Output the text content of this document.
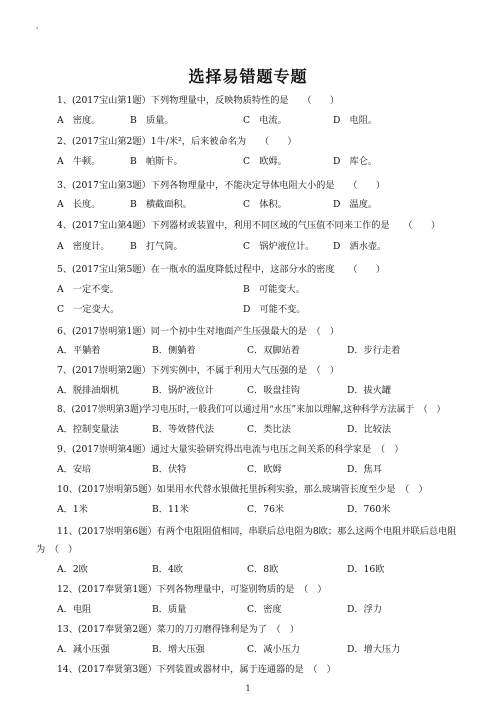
'
选择易错题专题
1、(2017宝山第1题）下列物理量中，反映物质特性的是　　（　　）
A　密度。	B　质量。	C　电流。	D　电阻。
2、(2017宝山第2题）1牛/米²，后来被命名为　　（　　）
A　牛顿。	B　帕斯卡。	C　欧姆。	D　库仑。
3、(2017宝山第3题）下列各物理量中，不能决定导体电阻大小的是　　（　　）
A　长度。	B　横截面积。	C　体积。	D　温度。
4、(2017宝山第4题）下列器材或装置中，利用不同区域的气压值不同来工作的是　　（　　）
A　密度计。 B　打气筒。	C　锅炉液位计。 D　洒水壶。
5、(2017宝山第5题）在一瓶水的温度降低过程中，这部分水的密度　　（　　）
A　一定不变。	B　可能变大。
C　一定变大。	D　可能不变。
6、(2017崇明第1题）同一个初中生对地面产生压强最大的是　（　）
A．平躺着	B．侧躺着	C．双脚站着	D．步行走着
7、(2017崇明第2题）下列实例中，不属于利用大气压强的是　（　）
A．脱排油烟机	B．锅炉液位计	C．吸盘挂钩	D．拔火罐
8、(2017崇明第3题)学习电压时,一般我们可以通过用“水压”来加以理解,这种科学方法属于　（　）
A．控制变量法	B．等效替代法	C．类比法	D．比较法
9、(2017崇明第4题）通过大量实验研究得出电流与电压之间关系的科学家是　（　）
A．安培	B．伏特	C．欧姆	D．焦耳
10、(2017崇明第5题）如果用水代替水银做托里拆利实验，那么玻璃管长度至少是　（　）
A．1米	B．11米	C．76米	D．760米
11、(2017崇明第6题）有两个电阻阻值相同，串联后总电阻为8欧；那么这两个电阻并联后总电阻
为　（　）
A．2欧	B．4欧	C．8欧	D．16欧
12、(2017奉贤第1题）下列各物理量中，可鉴别物质的是　（　）
A．电阻	B．质量	C．密度	D．浮力
13、(2017奉贤第2题）菜刀的刀刃磨得锋利是为了　（　）
A．减小压强	B．增大压强	C．减小压力	D．增大压力
14、(2017奉贤第3题）下列装置或器材中，属于连通器的是　（　）
1
